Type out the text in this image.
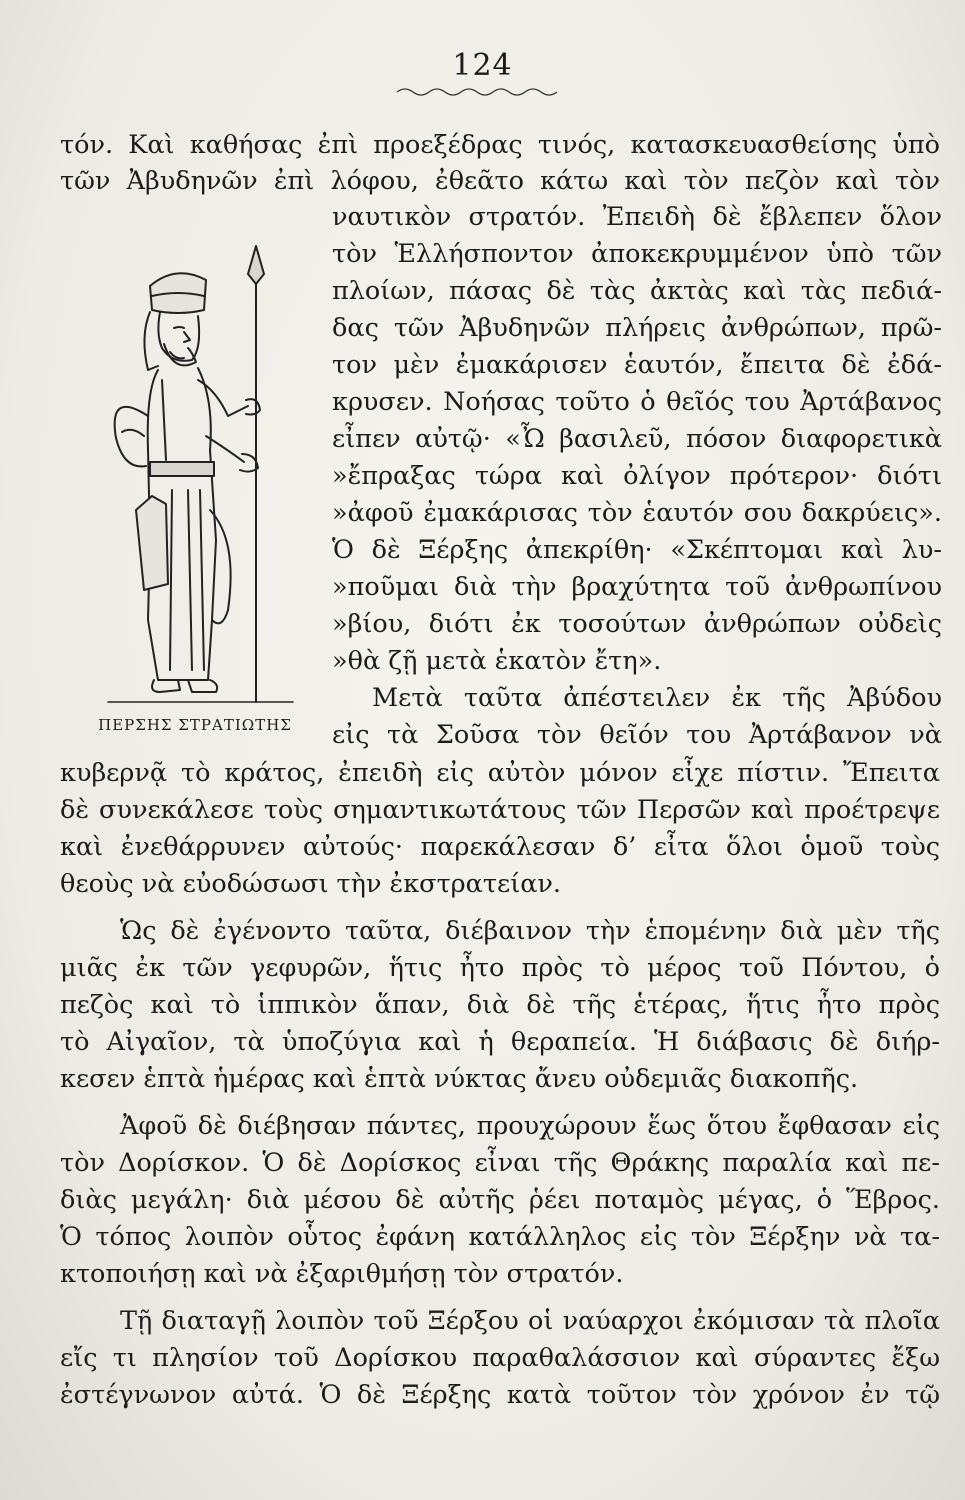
124
τόν. Καὶ καθήσας ἐπὶ προεξέδρας τινός, κατασκευασθείσης ὑπὸ
τῶν Ἀβυδηνῶν ἐπὶ λόφου, ἐθεᾶτο κάτω καὶ τὸν πεζὸν καὶ τὸν
ναυτικὸν στρατόν. Ἐπειδὴ δὲ ἔβλεπεν ὅλον
τὸν Ἑλλήσποντον ἀποκεκρυμμένον ὑπὸ τῶν
πλοίων, πάσας δὲ τὰς ἀκτὰς καὶ τὰς πεδιά-
δας τῶν Ἀβυδηνῶν πλήρεις ἀνθρώπων, πρῶ-
τον μὲν ἐμακάρισεν ἑαυτόν, ἔπειτα δὲ ἐδά-
κρυσεν. Νοήσας τοῦτο ὁ θεῖός του Ἀρτάβανος
εἶπεν αὐτῷ· «Ὦ βασιλεῦ, πόσον διαφορετικὰ
»ἔπραξας τώρα καὶ ὀλίγον πρότερον· διότι
»ἀφοῦ ἐμακάρισας τὸν ἑαυτόν σου δακρύεις».
Ὁ δὲ Ξέρξης ἀπεκρίθη· «Σκέπτομαι καὶ λυ-
»ποῦμαι διὰ τὴν βραχύτητα τοῦ ἀνθρωπίνου
»βίου, διότι ἐκ τοσούτων ἀνθρώπων οὐδεὶς
»θὰ ζῇ μετὰ ἑκατὸν ἔτη».
Μετὰ ταῦτα ἀπέστειλεν ἐκ τῆς Ἀβύδου
εἰς τὰ Σοῦσα τὸν θεῖόν του Ἀρτάβανον νὰ
ΠΕΡΣΗΣ ΣΤΡΑΤΙΩΤΗΣ
κυβερνᾷ τὸ κράτος, ἐπειδὴ εἰς αὐτὸν μόνον εἶχε πίστιν. Ἔπειτα
δὲ συνεκάλεσε τοὺς σημαντικωτάτους τῶν Περσῶν καὶ προέτρεψε
καὶ ἐνεθάρρυνεν αὐτούς· παρεκάλεσαν δ’ εἶτα ὅλοι ὁμοῦ τοὺς
θεοὺς νὰ εὐοδώσωσι τὴν ἐκστρατείαν.
Ὡς δὲ ἐγένοντο ταῦτα, διέβαινον τὴν ἑπομένην διὰ μὲν τῆς
μιᾶς ἐκ τῶν γεφυρῶν, ἥτις ἦτο πρὸς τὸ μέρος τοῦ Πόντου, ὁ
πεζὸς καὶ τὸ ἱππικὸν ἅπαν, διὰ δὲ τῆς ἑτέρας, ἥτις ἦτο πρὸς
τὸ Αἰγαῖον, τὰ ὑποζύγια καὶ ἡ θεραπεία. Ἡ διάβασις δὲ διήρ-
κεσεν ἑπτὰ ἡμέρας καὶ ἑπτὰ νύκτας ἄνευ οὐδεμιᾶς διακοπῆς.
Ἀφοῦ δὲ διέβησαν πάντες, προυχώρουν ἕως ὅτου ἔφθασαν εἰς
τὸν Δορίσκον. Ὁ δὲ Δορίσκος εἶναι τῆς Θράκης παραλία καὶ πε-
διὰς μεγάλη· διὰ μέσου δὲ αὐτῆς ῥέει ποταμὸς μέγας, ὁ Ἕβρος.
Ὁ τόπος λοιπὸν οὗτος ἐφάνη κατάλληλος εἰς τὸν Ξέρξην νὰ τα-
κτοποιήσῃ καὶ νὰ ἐξαριθμήσῃ τὸν στρατόν.
Τῇ διαταγῇ λοιπὸν τοῦ Ξέρξου οἱ ναύαρχοι ἐκόμισαν τὰ πλοῖα
εἴς τι πλησίον τοῦ Δορίσκου παραθαλάσσιον καὶ σύραντες ἔξω
ἐστέγνωνον αὐτά. Ὁ δὲ Ξέρξης κατὰ τοῦτον τὸν χρόνον ἐν τῷ
